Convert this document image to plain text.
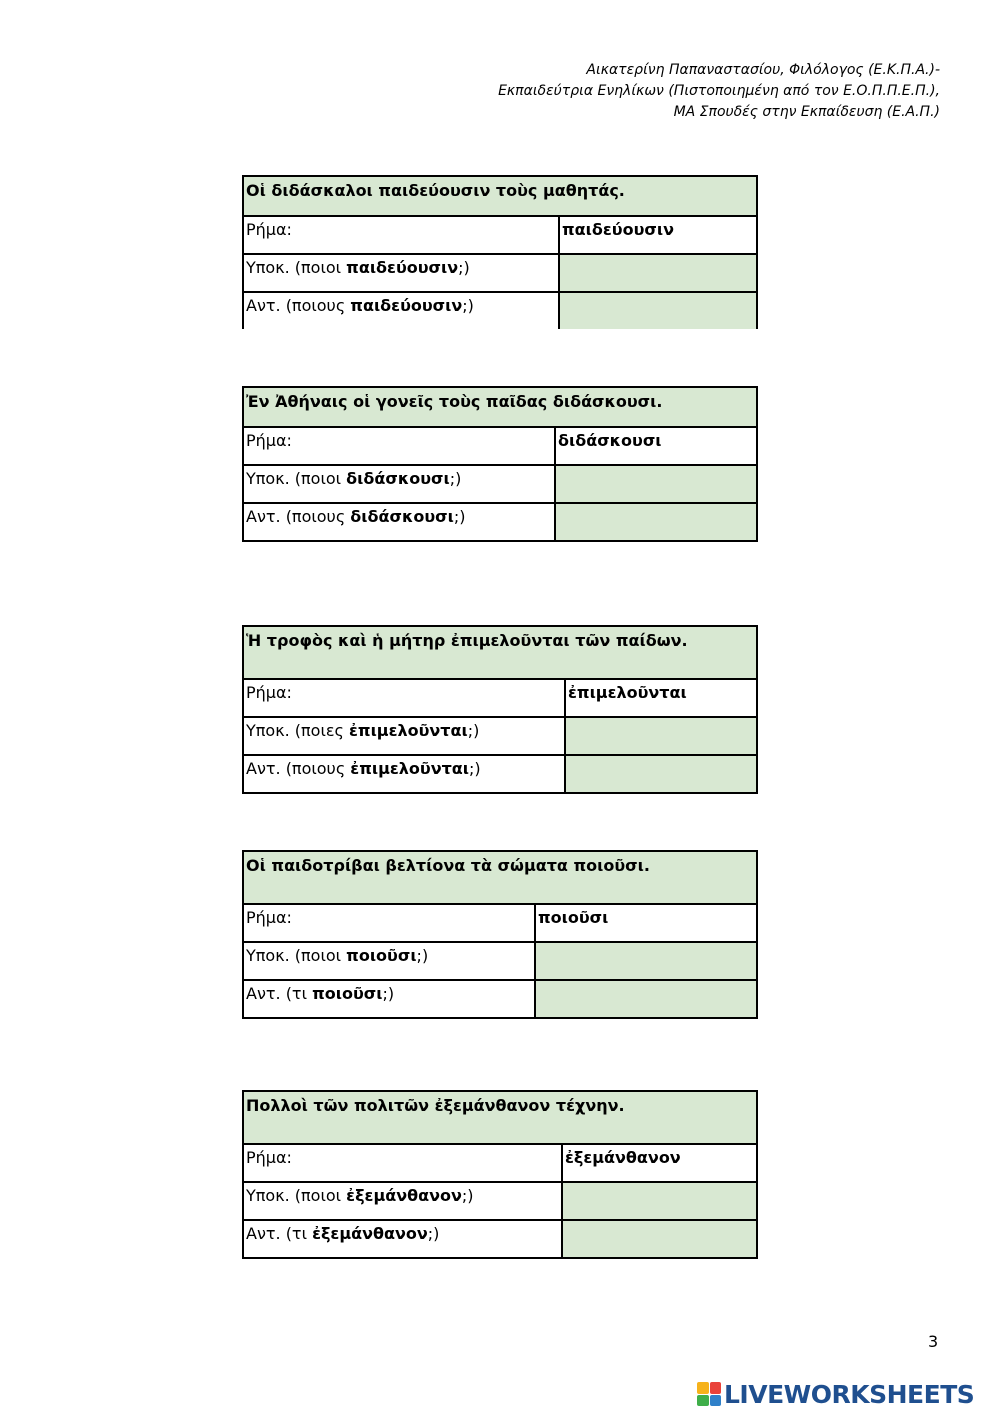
Αικατερίνη Παπαναστασίου, Φιλόλογος (Ε.Κ.Π.Α.)-
Εκπαιδεύτρια Ενηλίκων (Πιστοποιημένη από τον Ε.Ο.Π.Π.Ε.Π.),
ΜΑ Σπουδές στην Εκπαίδευση (Ε.Α.Π.)
Οἱ διδάσκαλοι παιδεύουσιν τοὺς μαθητάς.	
Ρήμα:	παιδεύουσιν
Υποκ. (ποιοι παιδεύουσιν;)	
Αντ. (ποιους παιδεύουσιν;)	
Ἐν Ἀθήναις οἱ γονεῖς τοὺς παῖδας διδάσκουσι.	
Ρήμα:	διδάσκουσι
Υποκ. (ποιοι διδάσκουσι;)	
Αντ. (ποιους διδάσκουσι;)	
Ἡ τροφὸς καὶ ἡ μήτηρ ἐπιμελοῦνται τῶν παίδων.	
Ρήμα:	ἐπιμελοῦνται
Υποκ. (ποιες ἐπιμελοῦνται;)	
Αντ. (ποιους ἐπιμελοῦνται;)	
Οἱ παιδοτρίβαι βελτίονα τὰ σώματα ποιοῦσι.	
Ρήμα:	ποιοῦσι
Υποκ. (ποιοι ποιοῦσι;)	
Αντ. (τι ποιοῦσι;)	
Πολλοὶ τῶν πολιτῶν ἐξεμάνθανον τέχνην.	
Ρήμα:	ἐξεμάνθανον
Υποκ. (ποιοι ἐξεμάνθανον;)	
Αντ. (τι ἐξεμάνθανον;)	
3
LIVEWORKSHEETS
